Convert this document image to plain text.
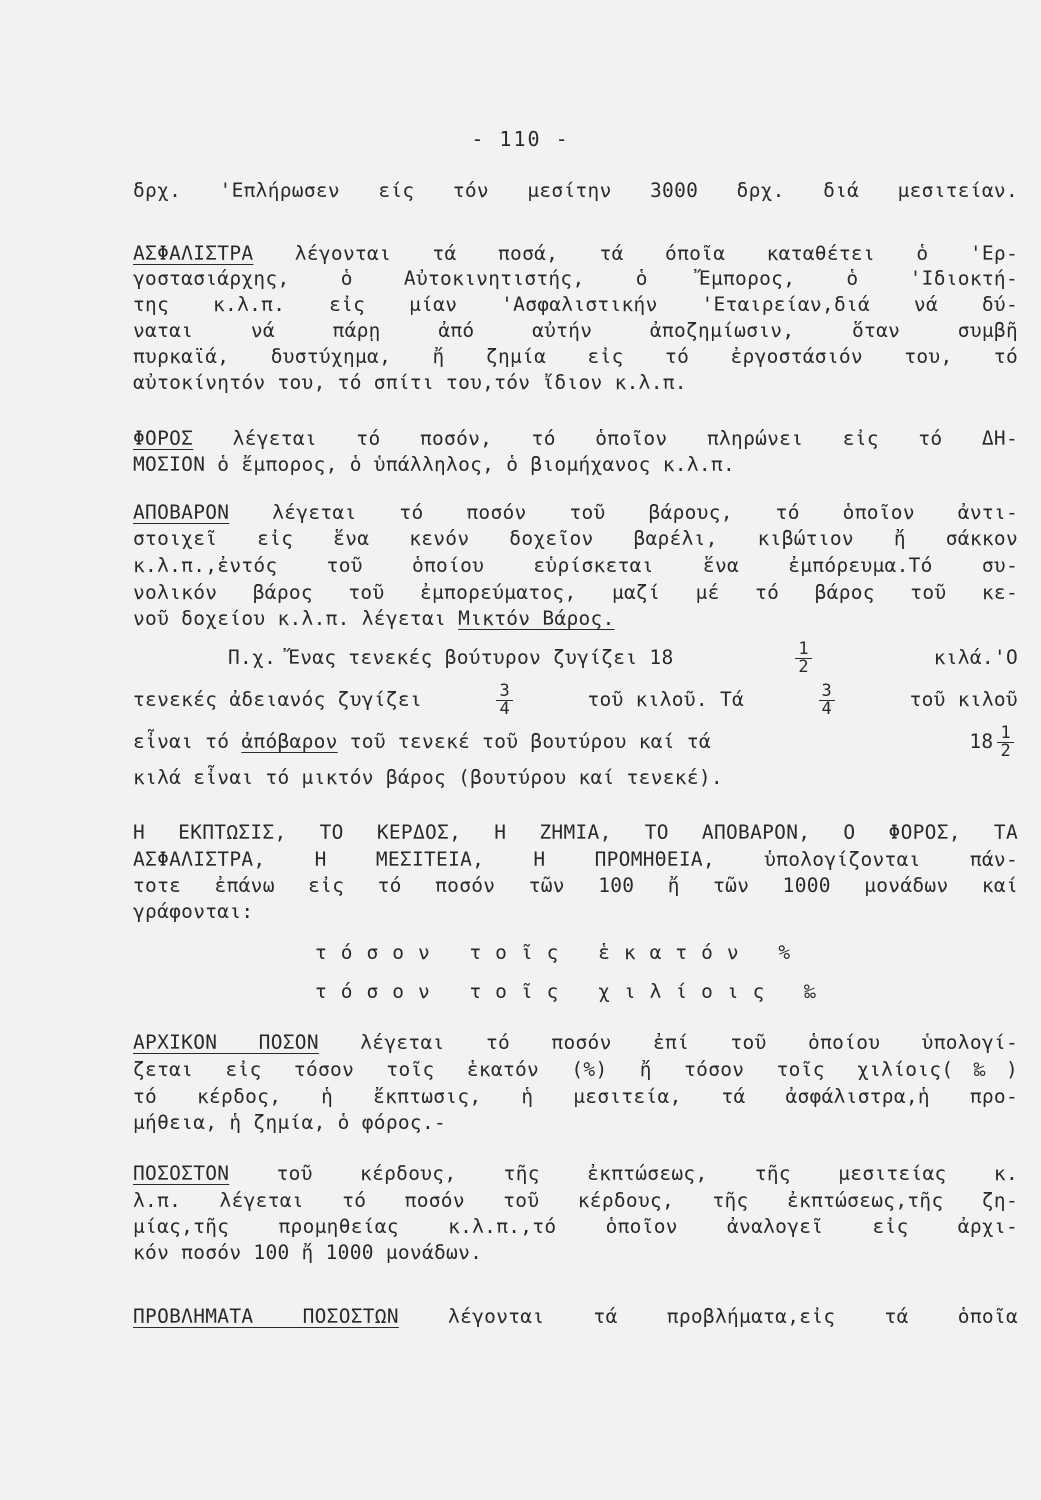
- 110 -
δρχ. 'Επλήρωσεν είς τόν μεσίτην 3000 δρχ. διά μεσιτείαν.
ΑΣΦΑΛΙΣΤΡΑ λέγονται τά ποσά, τά όποῖα καταθέτει ὁ 'Ερ-
γοστασιάρχης, ὁ Αὐτοκινητιστής, ὁ Ἔμπορος, ὁ 'Ιδιοκτή-
της κ.λ.π. εἰς μίαν 'Ασφαλιστικήν 'Εταιρείαν,διά νά δύ-
ναται νά πάρῃ ἀπό αὐτήν ἀποζημίωσιν, ὅταν συμβῆ
πυρκαϊά, δυστύχημα, ἤ ζημία εἰς τό ἐργοστάσιόν του, τό
αὐτοκίνητόν του, τό σπίτι του,τόν ἴδιον κ.λ.π.
ΦΟΡΟΣ λέγεται τό ποσόν, τό ὁποῖον πληρώνει εἰς τό ΔΗ-
ΜΟΣΙΟΝ ὁ ἔμπορος, ὁ ὑπάλληλος, ὁ βιομήχανος κ.λ.π.
ΑΠΟΒΑΡΟΝ λέγεται τό ποσόν τοῦ βάρους, τό ὁποῖον ἀντι-
στοιχεῖ εἰς ἕνα κενόν δοχεῖον βαρέλι, κιβώτιον ἤ σάκκον
κ.λ.π.,ἐντός τοῦ ὁποίου εὑρίσκεται ἕνα ἐμπόρευμα.Τό συ-
νολικόν βάρος τοῦ ἐμπορεύματος, μαζί μέ τό βάρος τοῦ κε-
νοῦ δοχείου κ.λ.π. λέγεται Μικτόν Βάρος.
Π.χ. Ἔνας τενεκές βούτυρον ζυγίζει 18	$\frac{1}{2}$	κιλά.'Ο
τενεκές ἀδειανός ζυγίζει	$\frac{3}{4}$	τοῦ κιλοῦ. Τά	$\frac{3}{4}$	τοῦ κιλοῦ
εἶναι τό ἀπόβαρον τοῦ τενεκέ τοῦ βουτύρου καί τά	$18 \frac{1}{2}$
κιλά εἶναι τό μικτόν βάρος (βουτύρου καί τενεκέ).
Η ΕΚΠΤΩΣΙΣ, ΤΟ ΚΕΡΔΟΣ, Η ΖΗΜΙΑ, ΤΟ ΑΠΟΒΑΡΟΝ, Ο ΦΟΡΟΣ, ΤΑ
ΑΣΦΑΛΙΣΤΡΑ, Η ΜΕΣΙΤΕΙΑ, Η ΠΡΟΜΗΘΕΙΑ, ὑπολογίζονται πάν-
τοτε ἐπάνω εἰς τό ποσόν τῶν 100 ἤ τῶν 1000 μονάδων καί
γράφονται:
τόσον τοῖς ἑκατόν %
τόσον τοῖς χιλίοις ‰
ΑΡΧΙΚΟΝ ΠΟΣΟΝ λέγεται τό ποσόν ἐπί τοῦ ὁποίου ὑπολογί-
ζεται εἰς τόσον τοῖς ἑκατόν (%) ἤ τόσον τοῖς χιλίοις(‰)
τό κέρδος, ἡ ἔκπτωσις, ἡ μεσιτεία, τά ἀσφάλιστρα,ἡ προ-
μήθεια, ἡ ζημία, ὁ φόρος.-
ΠΟΣΟΣΤΟΝ τοῦ κέρδους, τῆς ἐκπτώσεως, τῆς μεσιτείας κ.
λ.π. λέγεται τό ποσόν τοῦ κέρδους, τῆς ἐκπτώσεως,τῆς ζη-
μίας,τῆς προμηθείας κ.λ.π.,τό ὁποῖον ἀναλογεῖ εἰς ἀρχι-
κόν ποσόν 100 ἤ 1000 μονάδων.
ΠΡΟΒΛΗΜΑΤΑ ΠΟΣΟΣΤΩΝ λέγονται τά προβλήματα,εἰς τά ὁποῖα
